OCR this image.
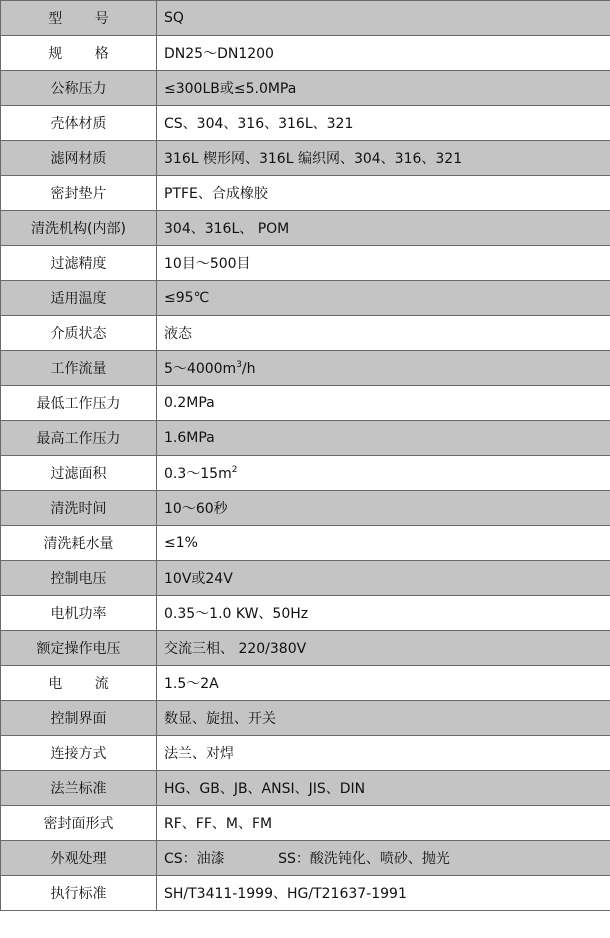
型 号	SQ
规 格	DN25～DN1200
公称压力	≤300LB或≤5.0MPa
壳体材质	CS、304、316、316L、321
滤网材质	316L 楔形网、316L 编织网、304、316、321
密封垫片	PTFE、合成橡胶
清洗机构(内部)	304、316L、 POM
过滤精度	10目～500目
适用温度	≤95℃
介质状态	液态
工作流量	$5\sim 4000m^3/h$
最低工作压力	0.2MPa
最高工作压力	1.6MPa
过滤面积	$0.3\sim 15m^2$
清洗时间	10～60秒
清洗耗水量	≤1%
控制电压	10V或24V
电机功率	0.35～1.0 KW、50Hz
额定操作电压	交流三相、 220/380V
电 流	1.5～2A
控制界面	数显、旋扭、开关
连接方式	法兰、对焊
法兰标准	HG、GB、JB、ANSI、JIS、DIN
密封面形式	RF、FF、M、FM
外观处理	CS：油漆            SS：酸洗钝化、喷砂、抛光
执行标准	SH/T3411-1999、HG/T21637-1991
